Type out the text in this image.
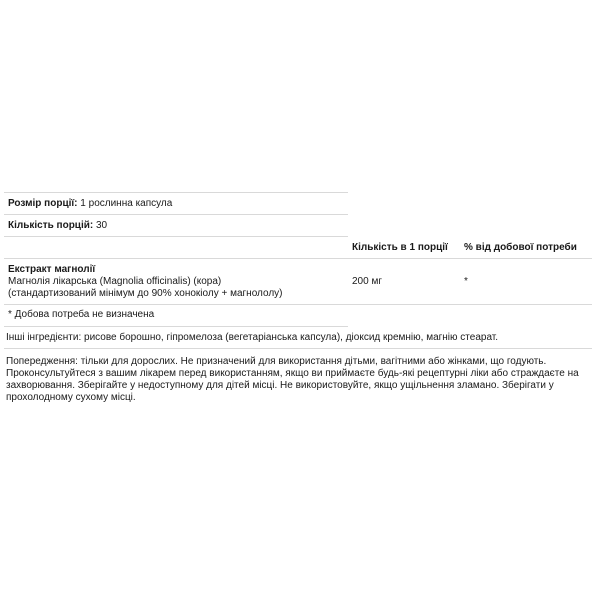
Розмір порції: 1 рослинна капсула
Кількість порцій: 30
Кількість в 1 порції % від добової потреби
Екстракт магнолії
Магнолія лікарська (Magnolia officinalis) (кора)
(стандартизований мінімум до 90% хонокіолу + магнололу)
200 мг	*
* Добова потреба не визначена
Інші інгредієнти: рисове борошно, гіпромелоза (вегетаріанська капсула), діоксид кремнію, магнію стеарат.
Попередження: тільки для дорослих. Не призначений для використання дітьми, вагітними або жінками, що годують.
Проконсультуйтеся з вашим лікарем перед використанням, якщо ви приймаєте будь-які рецептурні ліки або страждаєте на
захворювання. Зберігайте у недоступному для дітей місці. Не використовуйте, якщо ущільнення зламано. Зберігати у
прохолодному сухому місці.
